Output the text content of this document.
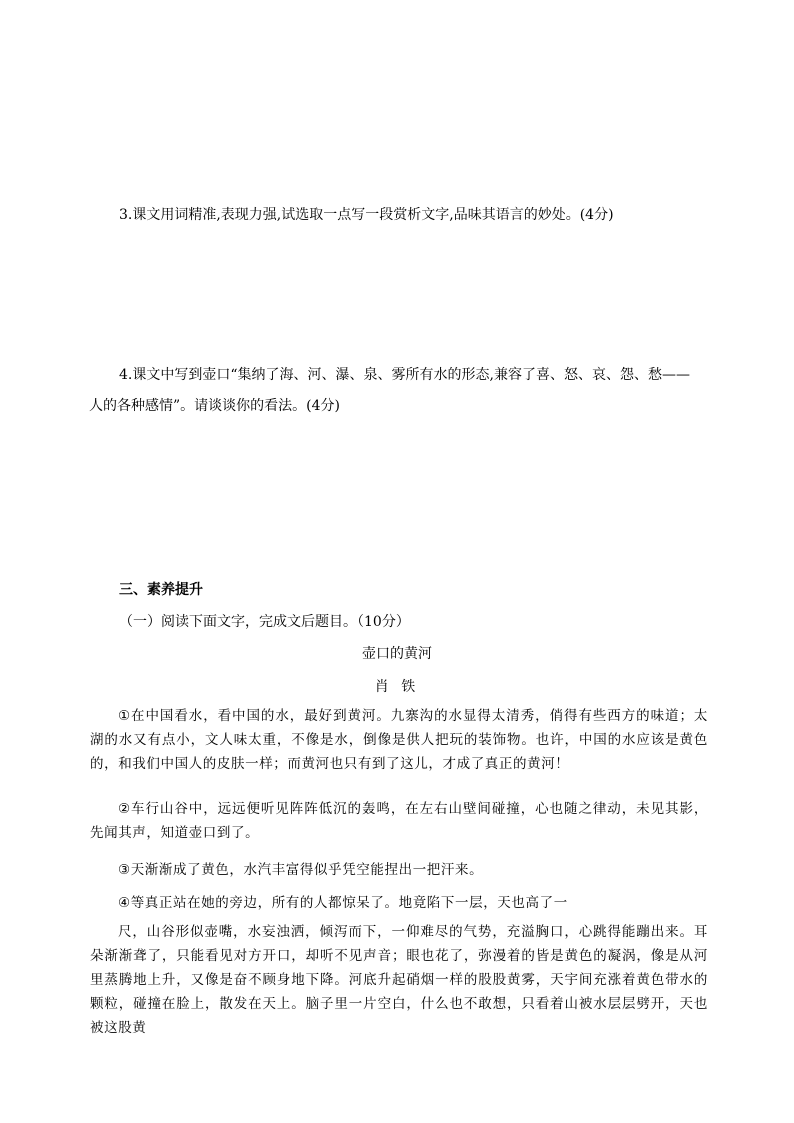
3.课文用词精准,表现力强,试选取一点写一段赏析文字,品味其语言的妙处。(4分)
4.课文中写到壶口“集纳了海、河、瀑、泉、雾所有水的形态,兼容了喜、怒、哀、怨、愁——
人的各种感情”。请谈谈你的看法。(4分)
三、素养提升
（一）阅读下面文字，完成文后题目。（10分）
壶口的黄河
肖 铁
①在中国看水，看中国的水，最好到黄河。九寨沟的水显得太清秀，俏得有些西方的味道；太湖的水又有点小，文人味太重，不像是水，倒像是供人把玩的装饰物。也许，中国的水应该是黄色的，和我们中国人的皮肤一样；而黄河也只有到了这儿，才成了真正的黄河！
②车行山谷中，远远便听见阵阵低沉的轰鸣，在左右山壁间碰撞，心也随之律动，未见其影，先闻其声，知道壶口到了。
③天渐渐成了黄色，水汽丰富得似乎凭空能捏出一把汗来。
④等真正站在她的旁边，所有的人都惊呆了。地竟陷下一层，天也高了一
尺，山谷形似壶嘴，水妄浊洒，倾泻而下，一仰难尽的气势，充溢胸口，心跳得能蹦出来。耳朵渐渐聋了，只能看见对方开口，却听不见声音；眼也花了，弥漫着的皆是黄色的凝涡，像是从河里蒸腾地上升，又像是奋不顾身地下降。河底升起硝烟一样的股股黄雾，天宇间充涨着黄色带水的颗粒，碰撞在脸上，散发在天上。脑子里一片空白，什么也不敢想，只看着山被水层层劈开，天也被这股黄
